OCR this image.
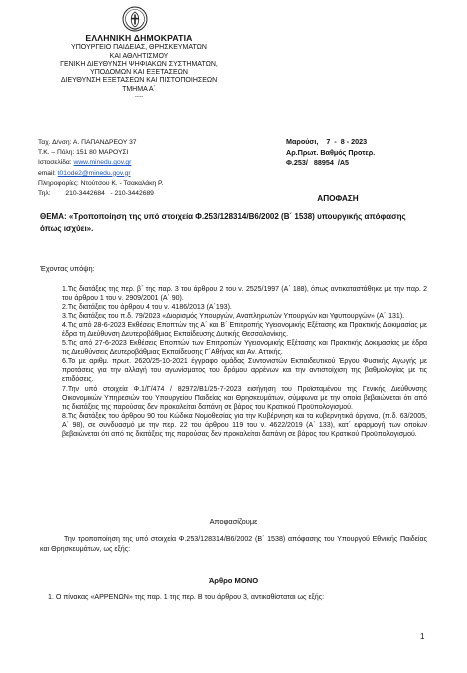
ΕΛΛΗΝΙΚΗ ΔΗΜΟΚΡΑΤΙΑ
ΥΠΟΥΡΓΕΙΟ ΠΑΙΔΕΙΑΣ, ΘΡΗΣΚΕΥΜΑΤΩΝ
ΚΑΙ ΑΘΛΗΤΙΣΜΟΥ
ΓΕΝΙΚΗ ΔΙΕΥΘΥΝΣΗ ΨΗΦΙΑΚΩΝ ΣΥΣΤΗΜΑΤΩΝ,
ΥΠΟΔΟΜΩΝ ΚΑΙ ΕΞΕΤΑΣΕΩΝ
ΔΙΕΥΘΥΝΣΗ ΕΞΕΤΑΣΕΩΝ ΚΑΙ ΠΙΣΤΟΠΟΙΗΣΕΩΝ
ΤΜΗΜΑ Α΄
-----
Ταχ. Δ/νση: Α. ΠΑΠΑΝΔΡΕΟΥ 37
Τ.Κ. – Πόλη: 151 80 ΜΑΡΟΥΣΙ
Ιστοσελίδα: www.minedu.gov.gr
email: t01ode2@minedu.gov.gr
Πληροφορίες: Ντούτσου Κ. - Τσακαλάκη Ρ.
Τηλ:        210-3442684   - 210-3442689
Μαρούσι,    7  -  8 - 2023
Αρ.Πρωτ. Βαθμός Προτερ.
Φ.253/   88954  /Α5
ΑΠΟΦΑΣΗ
ΘΕΜΑ: «Τροποποίηση της υπό στοιχεία Φ.253/128314/Β6/2002 (Β΄ 1538) υπουργικής απόφασης όπως ισχύει».
Έχοντας υπόψη:
1.Τις διατάξεις της περ. β΄ της παρ. 3 του άρθρου 2 του ν. 2525/1997 (Α΄ 188), όπως αντικαταστάθηκε με την παρ. 2 του άρθρου 1 του ν. 2909/2001 (Α΄ 90).
2.Τις διατάξεις του άρθρου 4 του ν. 4186/2013 (Α΄193).
3.Τις διατάξεις του π.δ. 79/2023 «Διορισμός Υπουργών, Αναπληρωτών Υπουργών και Υφυπουργών» (Α΄ 131).
4.Τις από 28-6-2023 Εκθέσεις Εποπτών της Α΄ και Β΄ Επιτροπής Υγειονομικής Εξέτασης και Πρακτικής Δοκιμασίας με έδρα τη Διεύθυνση Δευτεροβάθμιας Εκπαίδευσης Δυτικής Θεσσαλονίκης.
5.Τις από 27-6-2023 Εκθέσεις Εποπτών των Επιτροπών Υγειονομικής Εξέτασης και Πρακτικής Δοκιμασίας με έδρα τις Διευθύνσεις Δευτεροβάθμιας Εκπαίδευσης Γ΄Αθήνας και Αν. Αττικής.
6.Το με αριθμ. πρωτ. 2620/25-10-2021 έγγραφο ομάδας Συντονιστών Εκπαιδευτικού Έργου Φυσικής Αγωγής με προτάσεις για την αλλαγή του αγωνίσματος του δρόμου αρρένων και την αντιστοίχιση της βαθμολογίας με τις επιδόσεις.
7.Την υπό στοιχεία Φ.1/Γ/474 / 82972/Β1/25-7-2023 εισήγηση του Προϊσταμένου της Γενικής Διεύθυνσης Οικονομικών Υπηρεσιών του Υπουργείου Παιδείας και Θρησκευμάτων, σύμφωνα με την οποία βεβαιώνεται ότι από τις διατάξεις της παρούσας δεν προκαλείται δαπάνη σε βάρος του Κρατικού Προϋπολογισμού.
8.Τις διατάξεις του άρθρου 90 του Κώδικα Νομοθεσίας για την Κυβέρνηση και τα κυβερνητικά όργανα, (π.δ. 63/2005, Α΄ 98), σε συνδυασμό με την περ. 22 του άρθρου 119 του ν. 4622/2019 (Α΄ 133), κατ΄ εφαρμογή των οποίων βεβαιώνεται ότι από τις διατάξεις της παρούσας δεν προκαλείται δαπάνη σε βάρος του Κρατικού Προϋπολογισμού.
Αποφασίζουμε
Την τροποποίηση της υπό στοιχεία Φ.253/128314/Β6/2002 (Β΄ 1538) απόφασης του Υπουργού Εθνικής Παιδείας και Θρησκευμάτων, ως εξής:
Άρθρο ΜΟΝΟ
1. Ο πίνακας «ΑΡΡΕΝΩΝ» της παρ. 1 της περ. Β του άρθρου 3, αντικαθίσταται ως εξής:
1
